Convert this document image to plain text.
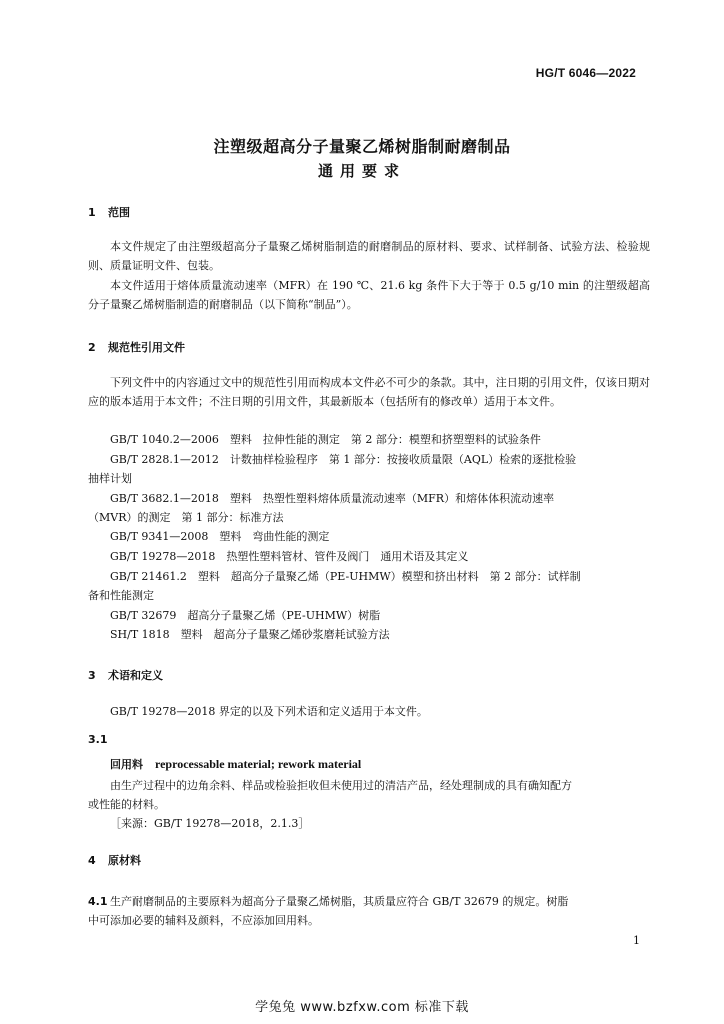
HG/T 6046—2022
注塑级超高分子量聚乙烯树脂制耐磨制品
通用要求
1 范围
本文件规定了由注塑级超高分子量聚乙烯树脂制造的耐磨制品的原材料、要求、试样制备、试验方法、检验规则、质量证明文件、包装。
本文件适用于熔体质量流动速率（MFR）在 190 ℃、21.6 kg 条件下大于等于 0.5 g/10 min 的注塑级超高分子量聚乙烯树脂制造的耐磨制品（以下简称“制品”）。
2 规范性引用文件
下列文件中的内容通过文中的规范性引用而构成本文件必不可少的条款。其中，注日期的引用文件，仅该日期对应的版本适用于本文件；不注日期的引用文件，其最新版本（包括所有的修改单）适用于本文件。
GB/T 1040.2—2006　塑料　拉伸性能的测定　第 2 部分：模塑和挤塑塑料的试验条件
GB/T 2828.1—2012　计数抽样检验程序　第 1 部分：按接收质量限（AQL）检索的逐批检验
抽样计划
GB/T 3682.1—2018　塑料　热塑性塑料熔体质量流动速率（MFR）和熔体体积流动速率
（MVR）的测定　第 1 部分：标准方法
GB/T 9341—2008　塑料　弯曲性能的测定
GB/T 19278—2018　热塑性塑料管材、管件及阀门　通用术语及其定义
GB/T 21461.2　塑料　超高分子量聚乙烯（PE-UHMW）模塑和挤出材料　第 2 部分：试样制
备和性能测定
GB/T 32679　超高分子量聚乙烯（PE-UHMW）树脂
SH/T 1818　塑料　超高分子量聚乙烯砂浆磨耗试验方法
3 术语和定义
GB/T 19278—2018 界定的以及下列术语和定义适用于本文件。
3.1
回用料 reprocessable material; rework material
由生产过程中的边角余料、样品或检验拒收但未使用过的清洁产品，经处理制成的具有确知配方
或性能的材料。
［来源：GB/T 19278—2018，2.1.3］
4 原材料
4.1 生产耐磨制品的主要原料为超高分子量聚乙烯树脂，其质量应符合 GB/T 32679 的规定。树脂
中可添加必要的辅料及颜料，不应添加回用料。
1
学兔兔 www.bzfxw.com 标准下载
